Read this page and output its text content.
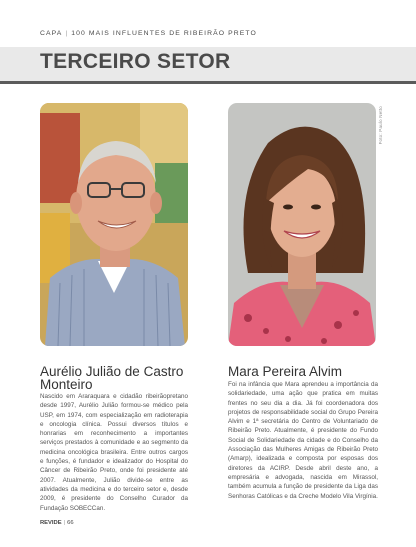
CAPA | 100 MAIS INFLUENTES DE RIBEIRÃO PRETO
TERCEIRO SETOR
Foto: Paulo Netto
Aurélio Julião de Castro Monteiro

Nascido em Araraquara e cidadão ribeirãopretano desde 1997, Aurélio Julião formou-se médico pela USP, em 1974, com especialização em radioterapia e oncologia clínica. Possui diversos títulos e honrarias em reconhecimento a importantes serviços prestados à comunidade e ao segmento da medicina oncológica brasileira. Entre outros cargos e funções, é fundador e idealizador do Hospital do Câncer de Ribeirão Preto, onde foi presidente até 2007. Atualmente, Julião divide-se entre as atividades da medicina e do terceiro setor e, desde 2009, é presidente do Conselho Curador da Fundação SOBECCan.

Mara Pereira Alvim

Foi na infância que Mara aprendeu a importância da solidariedade, uma ação que pratica em muitas frentes no seu dia a dia. Já foi coordenadora dos projetos de responsabilidade social do Grupo Pereira Alvim e 1ª secretária do Centro de Voluntariado de Ribeirão Preto. Atualmente, é presidente do Fundo Social de Solidariedade da cidade e do Conselho da Associação das Mulheres Amigas de Ribeirão Preto (Amarp), idealizada e composta por esposas dos diretores da ACIRP. Desde abril deste ano, a empresária e advogada, nascida em Mirassol, também acumula a função de presidente da Liga das Senhoras Católicas e da Creche Modelo Vila Virgínia.

REVIDE | 66
